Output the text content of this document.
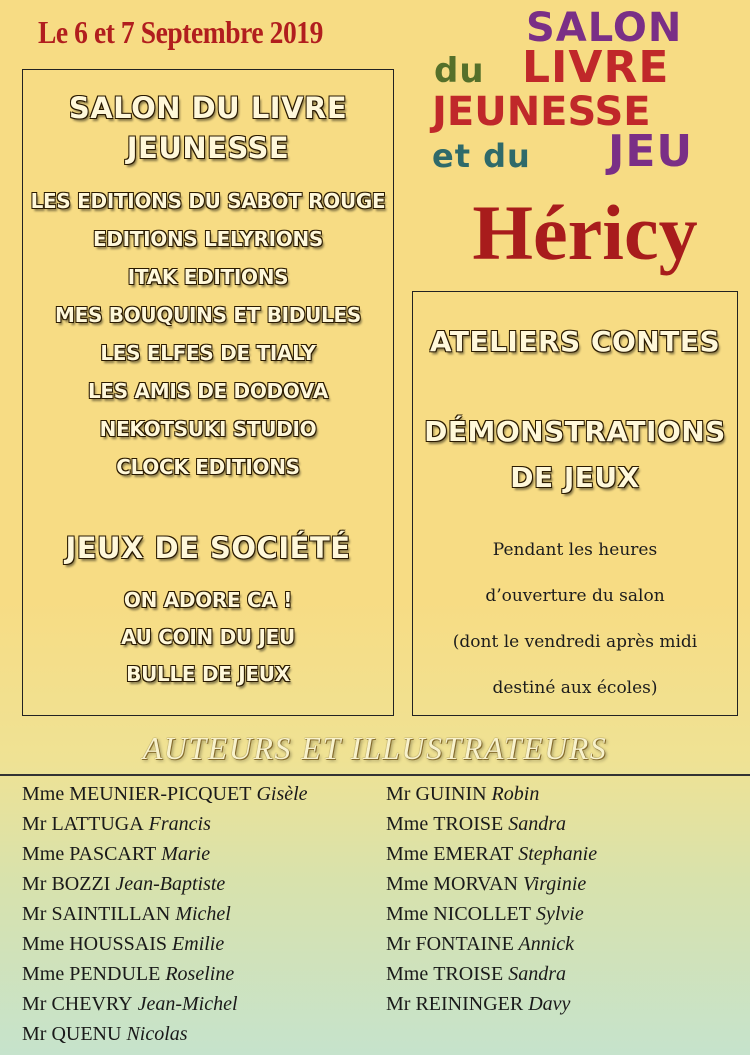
Le 6 et 7 Septembre 2019	SALON
du LIVRE
JEUNESSE
et du JEU
Héricy
SALON DU LIVRE
JEUNESSE
LES EDITIONS DU SABOT ROUGE
EDITIONS LELYRIONS
ITAK EDITIONS
MES BOUQUINS ET BIDULES
LES ELFES DE TIALY
LES AMIS DE DODOVA
NEKOTSUKI STUDIO
CLOCK EDITIONS
JEUX DE SOCIÉTÉ
ON ADORE CA !
AU COIN DU JEU
BULLE DE JEUX
ATELIERS CONTES
DÉMONSTRATIONS
DE JEUX
Pendant les heures
d’ouverture du salon
(dont le vendredi après midi
destiné aux écoles)
AUTEURS ET ILLUSTRATEURS
Mme MEUNIER-PICQUET Gisèle
Mr LATTUGA Francis
Mme PASCART Marie
Mr BOZZI Jean-Baptiste
Mr SAINTILLAN Michel
Mme HOUSSAIS Emilie
Mme PENDULE Roseline
Mr CHEVRY Jean-Michel
Mr QUENU Nicolas
Mr GUININ Robin
Mme TROISE Sandra
Mme EMERAT Stephanie
Mme MORVAN Virginie
Mme NICOLLET Sylvie
Mr FONTAINE Annick
Mme TROISE Sandra
Mr REININGER Davy
